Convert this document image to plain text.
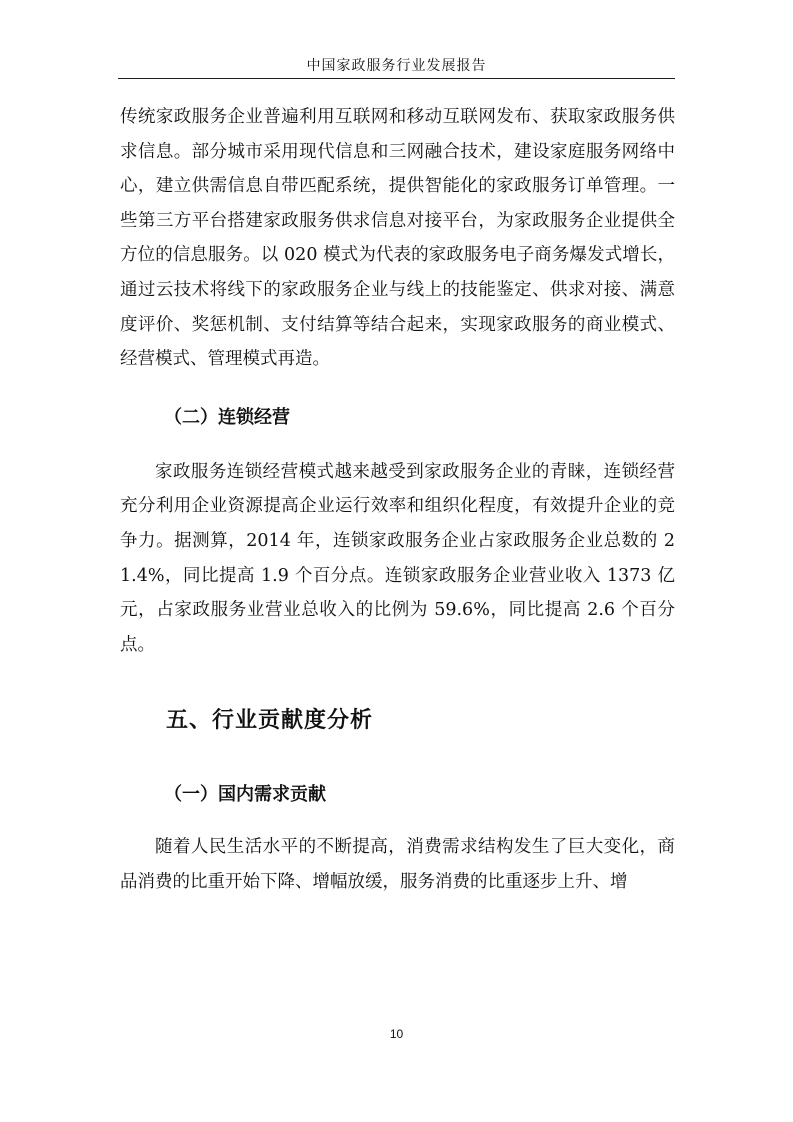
中国家政服务行业发展报告

传统家政服务企业普遍利用互联网和移动互联网发布、获取家政服务供求信息。部分城市采用现代信息和三网融合技术，建设家庭服务网络中心，建立供需信息自带匹配系统，提供智能化的家政服务订单管理。一些第三方平台搭建家政服务供求信息对接平台，为家政服务企业提供全方位的信息服务。以 020 模式为代表的家政服务电子商务爆发式增长，通过云技术将线下的家政服务企业与线上的技能鉴定、供求对接、满意度评价、奖惩机制、支付结算等结合起来，实现家政服务的商业模式、经营模式、管理模式再造。

（二）连锁经营

家政服务连锁经营模式越来越受到家政服务企业的青睐，连锁经营充分利用企业资源提高企业运行效率和组织化程度，有效提升企业的竞争力。据测算，2014 年，连锁家政服务企业占家政服务企业总数的 21.4%，同比提高 1.9 个百分点。连锁家政服务企业营业收入 1373 亿元，占家政服务业营业总收入的比例为 59.6%，同比提高 2.6 个百分点。

五、行业贡献度分析
（一）国内需求贡献

随着人民生活水平的不断提高，消费需求结构发生了巨大变化，商品消费的比重开始下降、增幅放缓，服务消费的比重逐步上升、增

10
